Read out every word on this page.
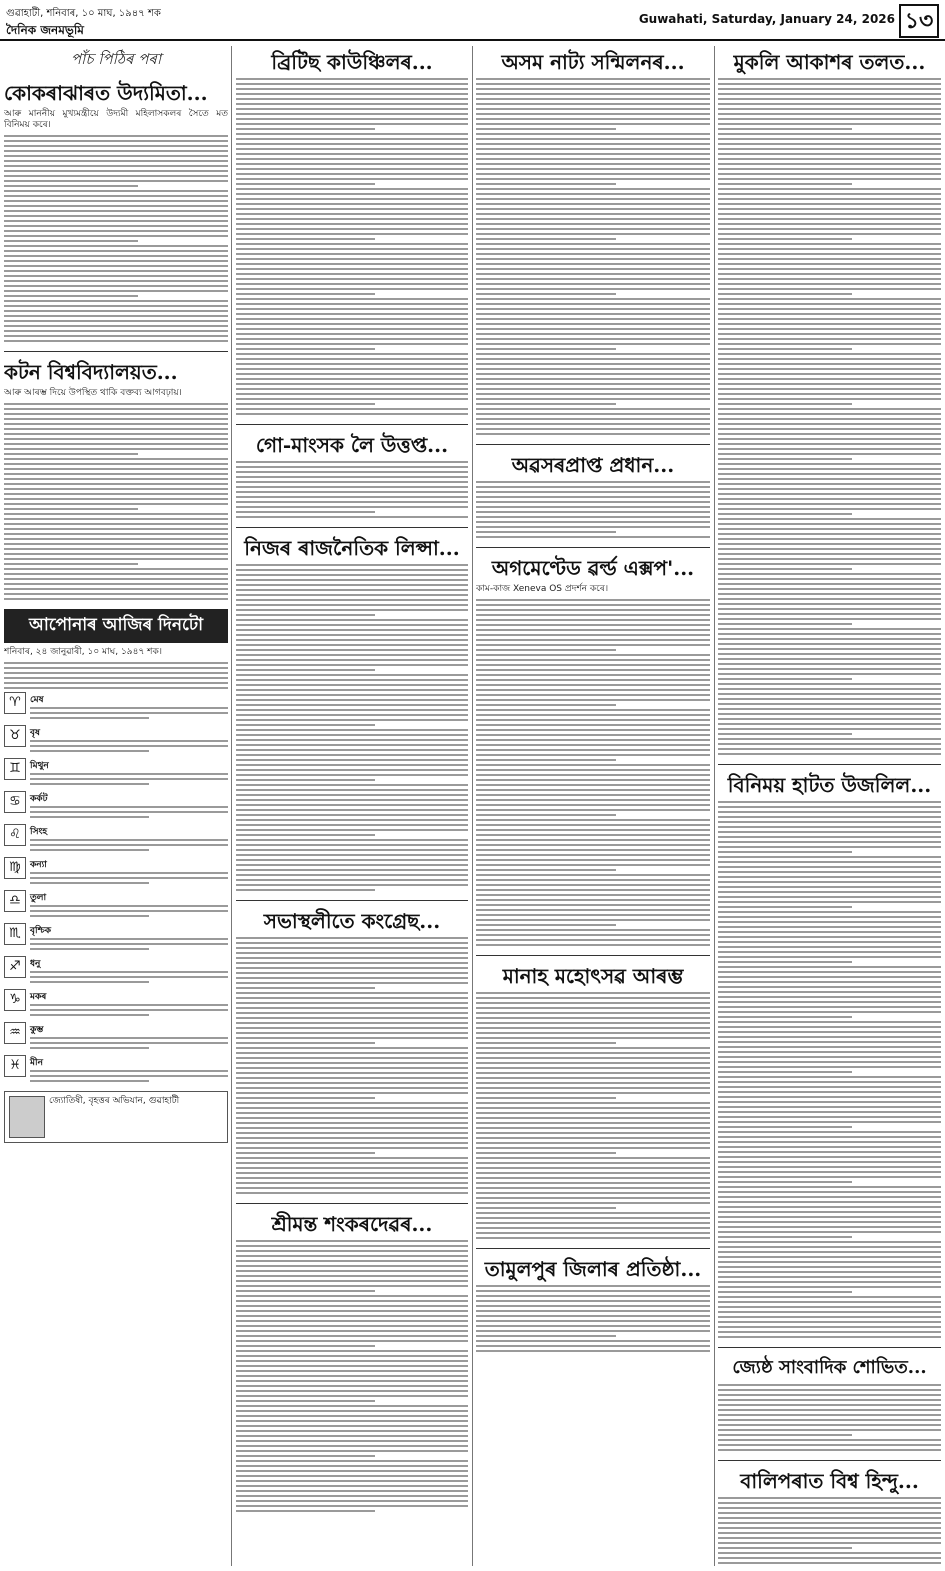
গুৱাহাটী, শনিবাৰ, ১০ মাঘ, ১৯৪৭ শক
দৈনিক জনমভূমি
Guwahati, Saturday, January 24, 2026 ১৩
পাঁচ পিঠিৰ পৰা
কোকৰাঝাৰত উদ্যমিতা...
আৰু মাননীয় মুখ্যমন্ত্ৰীয়ে উদ্যমী মহিলাসকলৰ সৈতে মত বিনিময় কৰে।
কটন বিশ্ববিদ্যালয়ত...
আৰু আৰম্ভ দিয়ে উপস্থিত থাকি বক্তব্য আগবঢ়ায়।
আপোনাৰ আজিৰ দিনটো
শনিবাৰ, ২৪ জানুৱাৰী, ১০ মাঘ, ১৯৪৭ শক।
♈	মেষ
♉	বৃষ
♊	মিথুন
♋	কৰ্কট
♌	সিংহ
♍	কন্যা
♎	তুলা
♏	বৃশ্চিক
♐	ধনু
♑	মকৰ
♒	কুম্ভ
♓	মীন
জ্যোতিষী, বৃহত্তৰ অভিযান, গুৱাহাটী
ব্ৰিটিছ কাউঞ্চিলৰ...
গো-মাংসক লৈ উত্তপ্ত...
নিজৰ ৰাজনৈতিক লিপ্সা...
সভাস্থলীতে কংগ্ৰেছ...
শ্ৰীমন্ত শংকৰদেৱৰ...
অসম নাট্য সন্মিলনৰ...
অৱসৰপ্ৰাপ্ত প্ৰধান...
অগমেণ্টেড ৱৰ্ল্ড এক্সপ'...
কাম-কাজ Xeneva OS প্ৰদৰ্শন কৰে।
মানাহ মহোৎসৱ আৰম্ভ
তামুলপুৰ জিলাৰ প্ৰতিষ্ঠা...
মুকলি আকাশৰ তলত...
বিনিময় হাটত উজলিল...
জ্যেষ্ঠ সাংবাদিক শোভিত...
বালিপৰাত বিশ্ব হিন্দু...
